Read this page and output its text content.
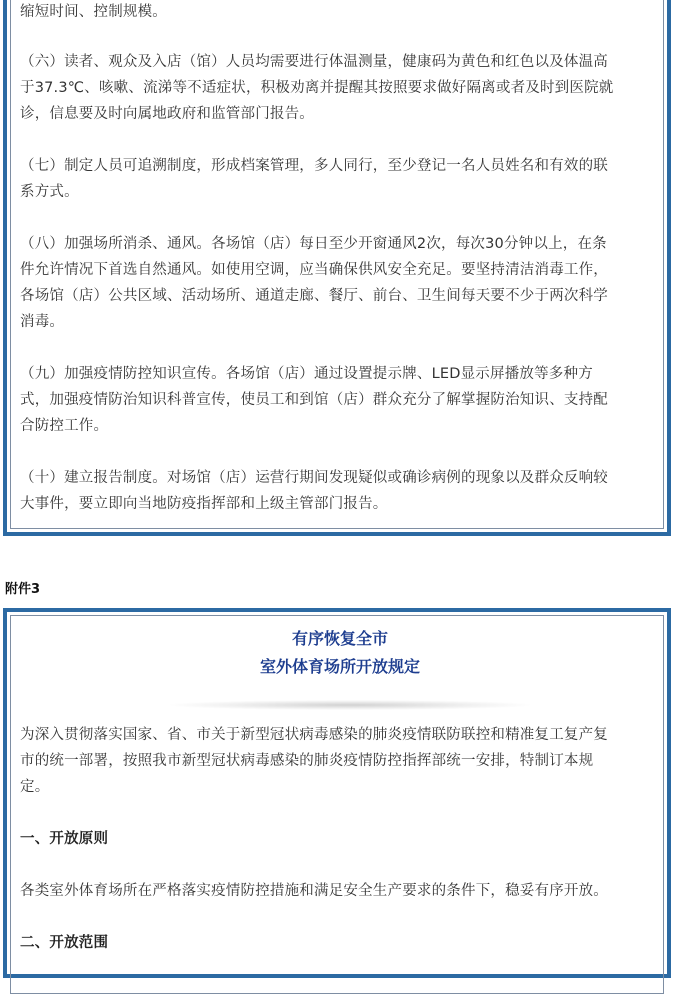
缩短时间、控制规模。
（六）读者、观众及入店（馆）人员均需要进行体温测量，健康码为黄色和红色以及体温高
于37.3℃、咳嗽、流涕等不适症状，积极劝离并提醒其按照要求做好隔离或者及时到医院就
诊，信息要及时向属地政府和监管部门报告。
（七）制定人员可追溯制度，形成档案管理，多人同行，至少登记一名人员姓名和有效的联
系方式。
（八）加强场所消杀、通风。各场馆（店）每日至少开窗通风2次，每次30分钟以上，在条
件允许情况下首选自然通风。如使用空调，应当确保供风安全充足。要坚持清洁消毒工作，
各场馆（店）公共区域、活动场所、通道走廊、餐厅、前台、卫生间每天要不少于两次科学
消毒。
（九）加强疫情防控知识宣传。各场馆（店）通过设置提示牌、LED显示屏播放等多种方
式，加强疫情防治知识科普宣传，使员工和到馆（店）群众充分了解掌握防治知识、支持配
合防控工作。
（十）建立报告制度。对场馆（店）运营行期间发现疑似或确诊病例的现象以及群众反响较
大事件，要立即向当地防疫指挥部和上级主管部门报告。
附件3
有序恢复全市
室外体育场所开放规定
为深入贯彻落实国家、省、市关于新型冠状病毒感染的肺炎疫情联防联控和精准复工复产复
市的统一部署，按照我市新型冠状病毒感染的肺炎疫情防控指挥部统一安排，特制订本规
定。
一、开放原则
各类室外体育场所在严格落实疫情防控措施和满足安全生产要求的条件下，稳妥有序开放。
二、开放范围
